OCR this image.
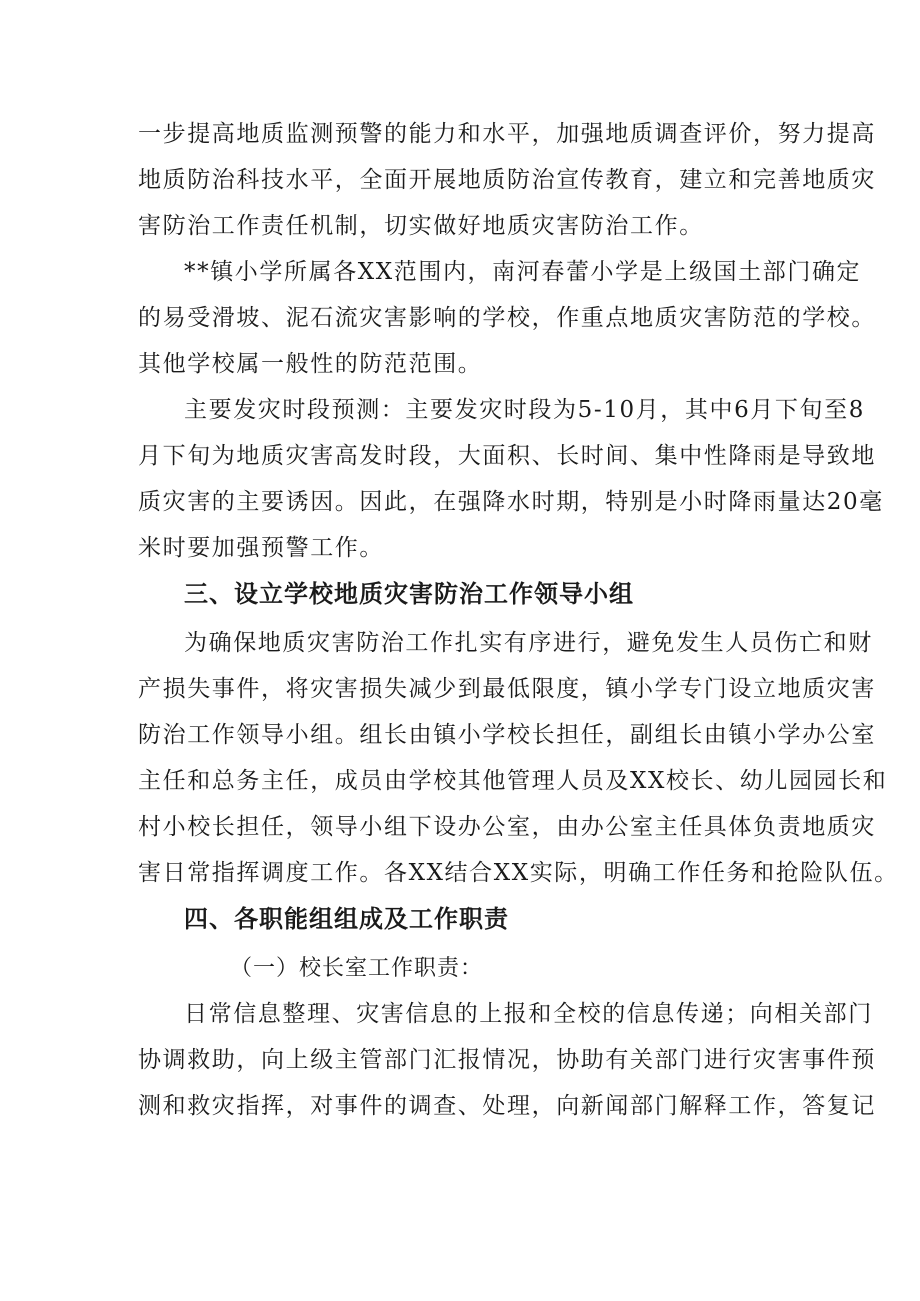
一步提高地质监测预警的能力和水平，加强地质调查评价，努力提高
地质防治科技水平，全面开展地质防治宣传教育，建立和完善地质灾
害防治工作责任机制，切实做好地质灾害防治工作。

**镇小学所属各XX范围内，南河春蕾小学是上级国土部门确定
的易受滑坡、泥石流灾害影响的学校，作重点地质灾害防范的学校。
其他学校属一般性的防范范围。

主要发灾时段预测：主要发灾时段为5-10月，其中6月下旬至8
月下旬为地质灾害高发时段，大面积、长时间、集中性降雨是导致地
质灾害的主要诱因。因此，在强降水时期，特别是小时降雨量达20毫
米时要加强预警工作。

三、设立学校地质灾害防治工作领导小组

为确保地质灾害防治工作扎实有序进行，避免发生人员伤亡和财
产损失事件，将灾害损失减少到最低限度，镇小学专门设立地质灾害
防治工作领导小组。组长由镇小学校长担任，副组长由镇小学办公室
主任和总务主任，成员由学校其他管理人员及XX校长、幼儿园园长和
村小校长担任，领导小组下设办公室，由办公室主任具体负责地质灾
害日常指挥调度工作。各XX结合XX实际，明确工作任务和抢险队伍。

四、各职能组组成及工作职责
（一）校长室工作职责：

日常信息整理、灾害信息的上报和全校的信息传递；向相关部门
协调救助，向上级主管部门汇报情况，协助有关部门进行灾害事件预
测和救灾指挥，对事件的调查、处理，向新闻部门解释工作，答复记
